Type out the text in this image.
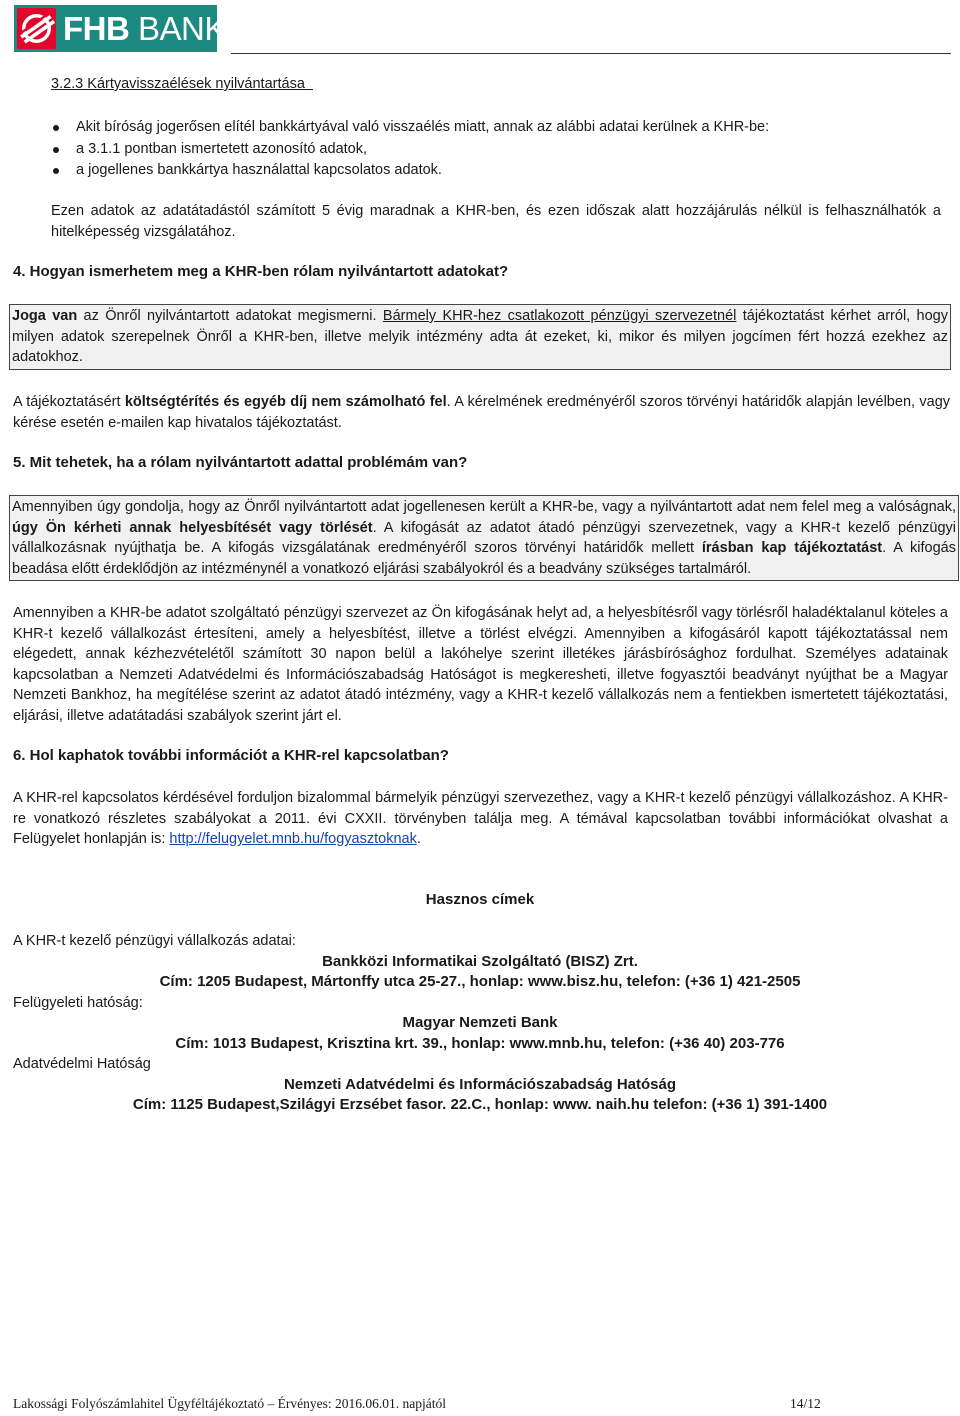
FHB BANK
3.2.3 Kártyavisszaélések nyilvántartása
Akit bíróság jogerősen elítél bankkártyával való visszaélés miatt, annak az alábbi adatai kerülnek a KHR-be:
a 3.1.1 pontban ismertetett azonosító adatok,
a jogellenes bankkártya használattal kapcsolatos adatok.

Ezen adatok az adatátadástól számított 5 évig maradnak a KHR-ben, és ezen időszak alatt hozzájárulás nélkül is felhasználhatók a hitelképesség vizsgálatához.

4. Hogyan ismerhetem meg a KHR-ben rólam nyilvántartott adatokat?

Joga van az Önről nyilvántartott adatokat megismerni. Bármely KHR-hez csatlakozott pénzügyi szervezetnél tájékoztatást kérhet arról, hogy milyen adatok szerepelnek Önről a KHR-ben, illetve melyik intézmény adta át ezeket, ki, mikor és milyen jogcímen fért hozzá ezekhez az adatokhoz.

A tájékoztatásért költségtérítés és egyéb díj nem számolható fel. A kérelmének eredményéről szoros törvényi határidők alapján levélben, vagy kérése esetén e-mailen kap hivatalos tájékoztatást.

5. Mit tehetek, ha a rólam nyilvántartott adattal problémám van?

Amennyiben úgy gondolja, hogy az Önről nyilvántartott adat jogellenesen került a KHR-be, vagy a nyilvántartott adat nem felel meg a valóságnak, úgy Ön kérheti annak helyesbítését vagy törlését. A kifogását az adatot átadó pénzügyi szervezetnek, vagy a KHR-t kezelő pénzügyi vállalkozásnak nyújthatja be. A kifogás vizsgálatának eredményéről szoros törvényi határidők mellett írásban kap tájékoztatást. A kifogás beadása előtt érdeklődjön az intézménynél a vonatkozó eljárási szabályokról és a beadvány szükséges tartalmáról.

Amennyiben a KHR-be adatot szolgáltató pénzügyi szervezet az Ön kifogásának helyt ad, a helyesbítésről vagy törlésről haladéktalanul köteles a KHR-t kezelő vállalkozást értesíteni, amely a helyesbítést, illetve a törlést elvégzi. Amennyiben a kifogásáról kapott tájékoztatással nem elégedett, annak kézhezvételétől számított 30 napon belül a lakóhelye szerint illetékes járásbírósághoz fordulhat. Személyes adatainak kapcsolatban a Nemzeti Adatvédelmi és Információszabadság Hatóságot is megkeresheti, illetve fogyasztói beadványt nyújthat be a Magyar Nemzeti Bankhoz, ha megítélése szerint az adatot átadó intézmény, vagy a KHR-t kezelő vállalkozás nem a fentiekben ismertetett tájékoztatási, eljárási, illetve adatátadási szabályok szerint járt el.

6. Hol kaphatok további információt a KHR-rel kapcsolatban?

A KHR-rel kapcsolatos kérdésével forduljon bizalommal bármelyik pénzügyi szervezethez, vagy a KHR-t kezelő pénzügyi vállalkozáshoz. A KHR-re vonatkozó részletes szabályokat a 2011. évi CXXII. törvényben találja meg. A témával kapcsolatban további információkat olvashat a Felügyelet honlapján is: http://felugyelet.mnb.hu/fogyasztoknak.

Hasznos címek

A KHR-t kezelő pénzügyi vállalkozás adatai:

Bankközi Informatikai Szolgáltató (BISZ) Zrt.

Cím: 1205 Budapest, Mártonffy utca 25-27., honlap: www.bisz.hu, telefon: (+36 1) 421-2505

Felügyeleti hatóság:

Magyar Nemzeti Bank

Cím: 1013 Budapest, Krisztina krt. 39., honlap: www.mnb.hu, telefon: (+36 40) 203-776

Adatvédelmi Hatóság

Nemzeti Adatvédelmi és Információszabadság Hatóság

Cím: 1125 Budapest,Szilágyi Erzsébet fasor. 22.C., honlap: www. naih.hu telefon: (+36 1) 391-1400

Lakossági Folyószámlahitel Ügyféltájékoztató – Érvényes: 2016.06.01. napjától	14/12
